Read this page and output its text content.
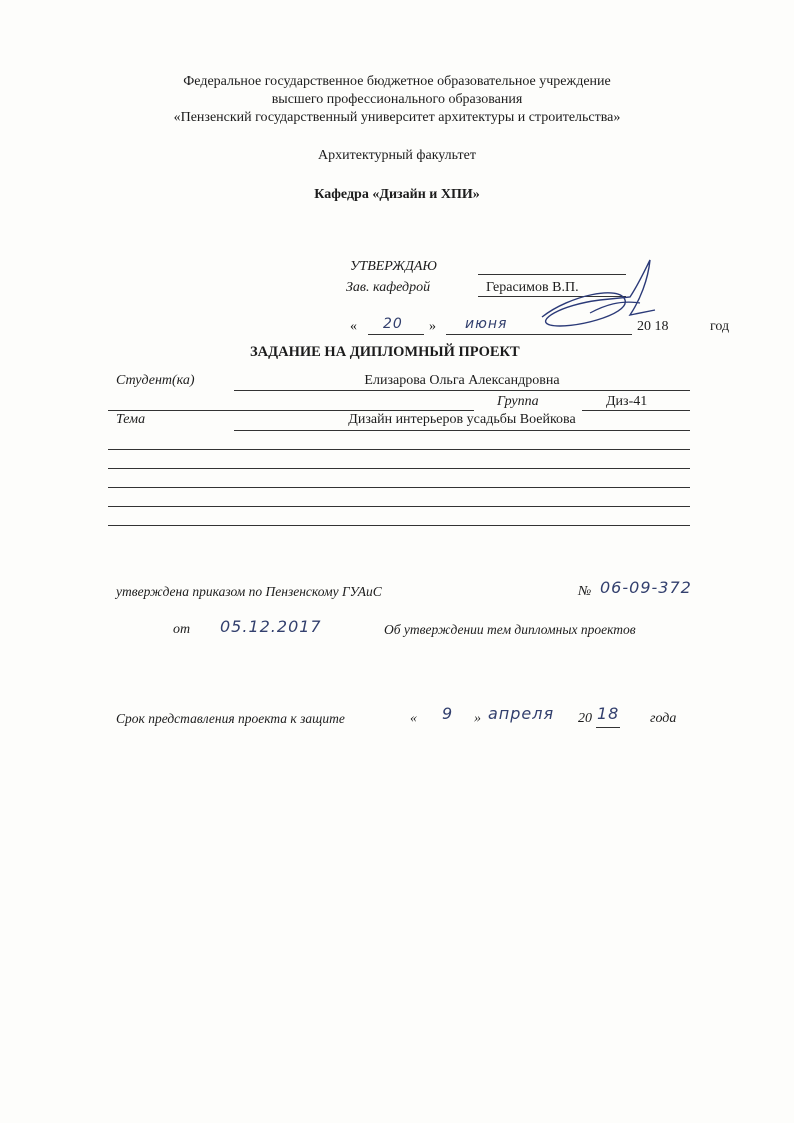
Федеральное государственное бюджетное образовательное учреждение
высшего профессионального образования
«Пензенский государственный университет архитектуры и строительства»
Архитектурный факультет
Кафедра «Дизайн и ХПИ»
УТВЕРЖДАЮ
Зав. кафедрой	Герасимов В.П.
« 20 » июня	20 18	год
ЗАДАНИЕ НА ДИПЛОМНЫЙ ПРОЕКТ
Студент(ка)	Елизарова Ольга Александровна
Группа	Диз-41
Тема	Дизайн интерьеров усадьбы Воейкова
утверждена приказом по Пензенскому ГУАиС	№ 06-09-372
от 05.12.2017	Об утверждении тем дипломных проектов
Срок представления проекта к защите	« 9 » апреля 20 18 года
